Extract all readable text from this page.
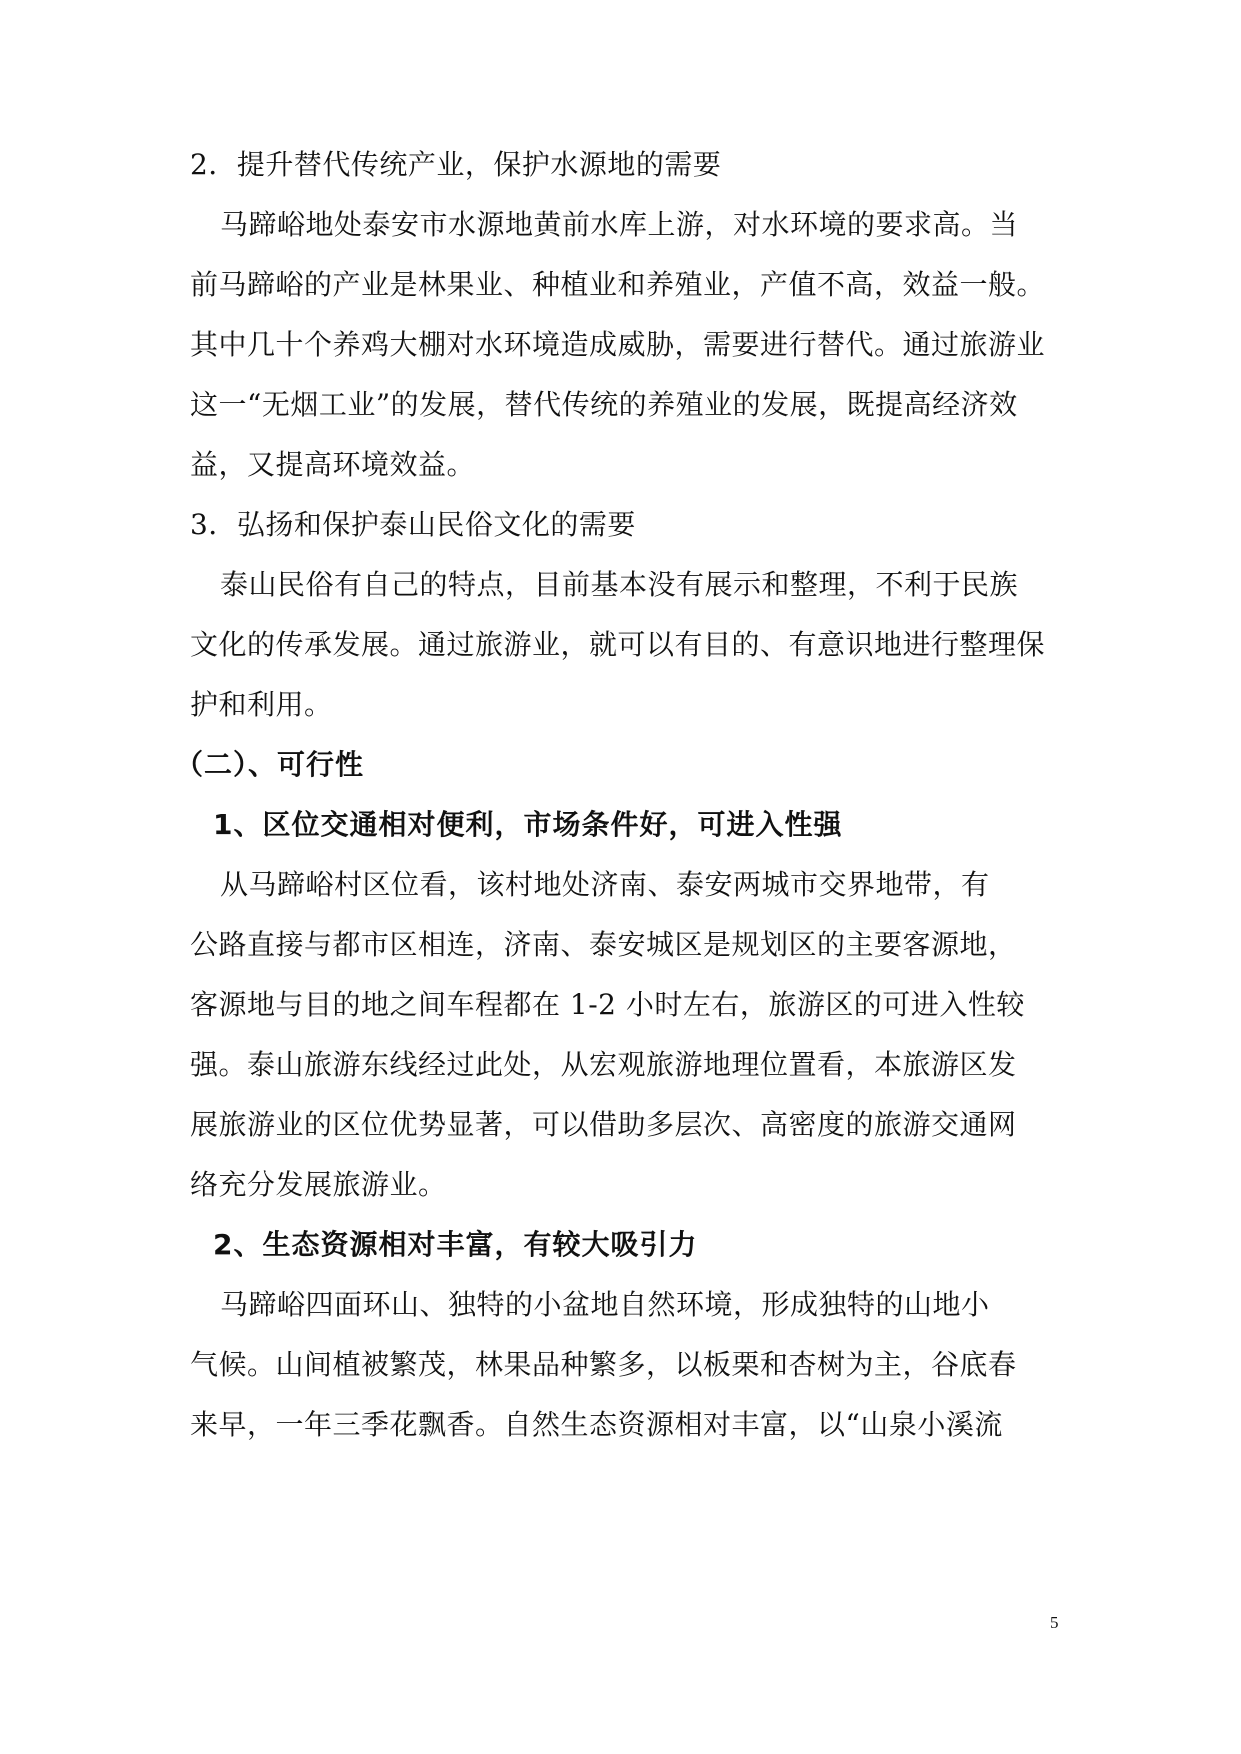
2．提升替代传统产业，保护水源地的需要
马蹄峪地处泰安市水源地黄前水库上游，对水环境的要求高。当
前马蹄峪的产业是林果业、种植业和养殖业，产值不高，效益一般。
其中几十个养鸡大棚对水环境造成威胁，需要进行替代。通过旅游业
这一“无烟工业”的发展，替代传统的养殖业的发展，既提高经济效
益，又提高环境效益。
3．弘扬和保护泰山民俗文化的需要
泰山民俗有自己的特点，目前基本没有展示和整理，不利于民族
文化的传承发展。通过旅游业，就可以有目的、有意识地进行整理保
护和利用。
（二）、可行性
1、区位交通相对便利，市场条件好，可进入性强
从马蹄峪村区位看，该村地处济南、泰安两城市交界地带，有
公路直接与都市区相连，济南、泰安城区是规划区的主要客源地，
客源地与目的地之间车程都在 1-2 小时左右，旅游区的可进入性较
强。泰山旅游东线经过此处，从宏观旅游地理位置看，本旅游区发
展旅游业的区位优势显著，可以借助多层次、高密度的旅游交通网
络充分发展旅游业。
2、生态资源相对丰富，有较大吸引力
马蹄峪四面环山、独特的小盆地自然环境，形成独特的山地小
气候。山间植被繁茂，林果品种繁多，以板栗和杏树为主，谷底春
来早，一年三季花飘香。自然生态资源相对丰富，以“山泉小溪流
5
